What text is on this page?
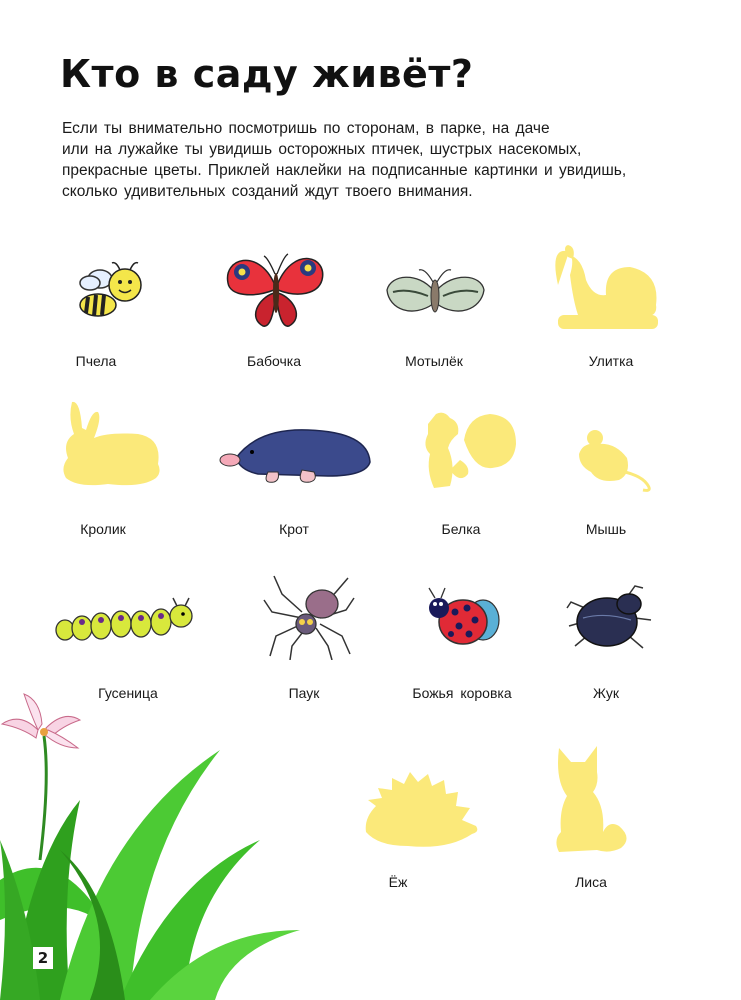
Кто в саду живёт?
Если ты внимательно посмотришь по сторонам, в парке, на даче
или на лужайке ты увидишь осторожных птичек, шустрых насекомых,
прекрасные цветы. Приклей наклейки на подписанные картинки и увидишь,
сколько удивительных созданий ждут твоего внимания.
Пчела	Бабочка	Мотылёк	Улитка
Кролик	Крот	Белка	Мышь
Гусеница	Паук	Божья коровка	Жук
Ёж	Лиса
2
